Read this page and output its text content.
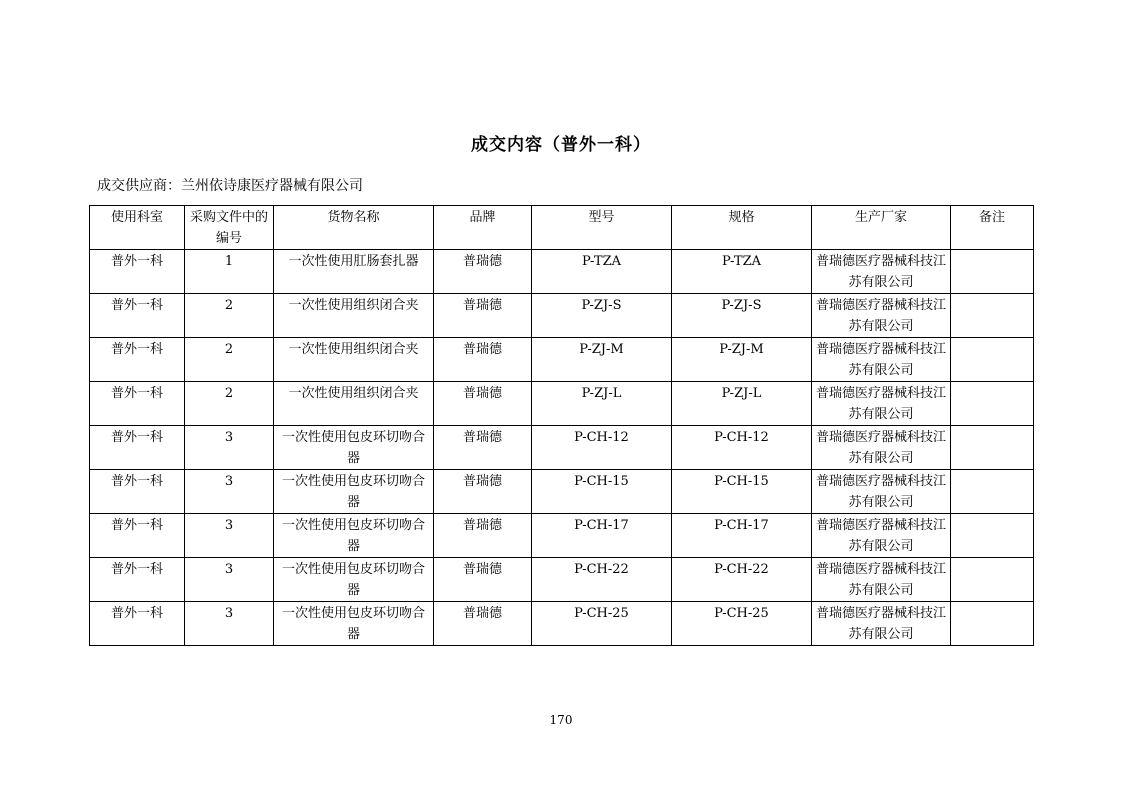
成交内容（普外一科）
成交供应商：兰州依诗康医疗器械有限公司
使用科室	采购文件中的编号	货物名称	品牌	型号	规格	生产厂家	备注
普外一科	1	一次性使用肛肠套扎器	普瑞德	P-TZA	P-TZA	普瑞德医疗器械科技江苏有限公司	
普外一科	2	一次性使用组织闭合夹	普瑞德	P-ZJ-S	P-ZJ-S	普瑞德医疗器械科技江苏有限公司	
普外一科	2	一次性使用组织闭合夹	普瑞德	P-ZJ-M	P-ZJ-M	普瑞德医疗器械科技江苏有限公司	
普外一科	2	一次性使用组织闭合夹	普瑞德	P-ZJ-L	P-ZJ-L	普瑞德医疗器械科技江苏有限公司	
普外一科	3	一次性使用包皮环切吻合器	普瑞德	P-CH-12	P-CH-12	普瑞德医疗器械科技江苏有限公司	
普外一科	3	一次性使用包皮环切吻合器	普瑞德	P-CH-15	P-CH-15	普瑞德医疗器械科技江苏有限公司	
普外一科	3	一次性使用包皮环切吻合器	普瑞德	P-CH-17	P-CH-17	普瑞德医疗器械科技江苏有限公司	
普外一科	3	一次性使用包皮环切吻合器	普瑞德	P-CH-22	P-CH-22	普瑞德医疗器械科技江苏有限公司	
普外一科	3	一次性使用包皮环切吻合器	普瑞德	P-CH-25	P-CH-25	普瑞德医疗器械科技江苏有限公司	
170
